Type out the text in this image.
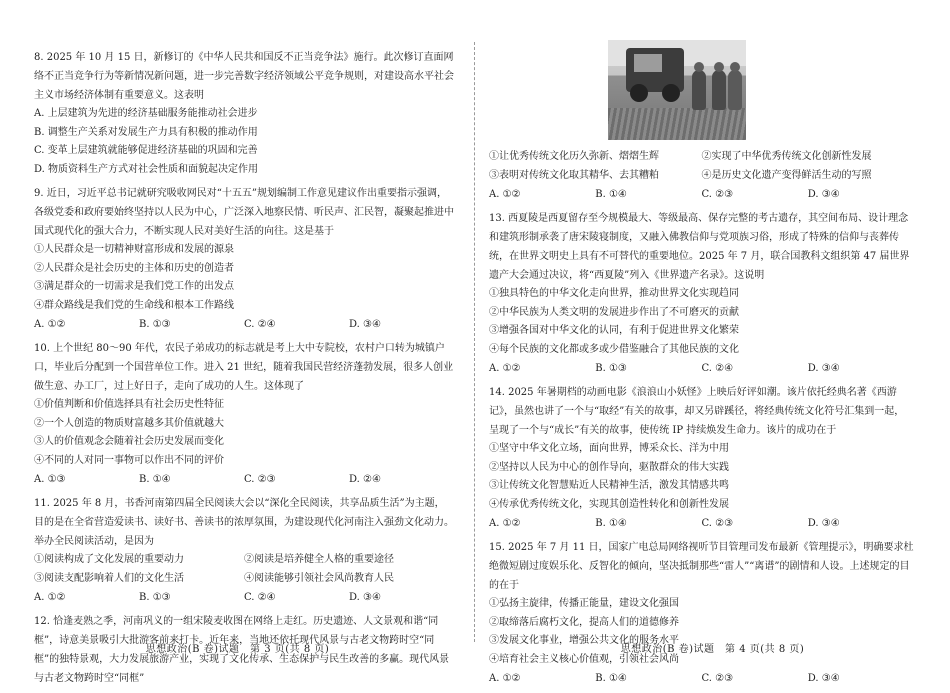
8. 2025 年 10 月 15 日，新修订的《中华人民共和国反不正当竞争法》施行。此次修订直面网络不正当竞争行为等新情况新问题，进一步完善数字经济领域公平竞争规则，对建设高水平社会主义市场经济体制有重要意义。这表明

A. 上层建筑为先进的经济基础服务能推动社会进步

B. 调整生产关系对发展生产力具有积极的推动作用

C. 变革上层建筑就能够促进经济基础的巩固和完善

D. 物质资料生产方式对社会性质和面貌起决定作用

9. 近日，习近平总书记就研究吸收网民对“十五五”规划编制工作意见建议作出重要指示强调，各级党委和政府要始终坚持以人民为中心，广泛深入地察民情、听民声、汇民智，凝聚起推进中国式现代化的强大合力，不断实现人民对美好生活的向往。这是基于

①人民群众是一切精神财富形成和发展的源泉

②人民群众是社会历史的主体和历史的创造者

③满足群众的一切需求是我们党工作的出发点

④群众路线是我们党的生命线和根本工作路线

A. ①②	B. ①③	C. ②④	D. ③④

10. 上个世纪 80～90 年代，农民子弟成功的标志就是考上大中专院校，农村户口转为城镇户口，毕业后分配到一个国营单位工作。进入 21 世纪，随着我国民营经济蓬勃发展，很多人创业做生意、办工厂，过上好日子，走向了成功的人生。这体现了

①价值判断和价值选择具有社会历史性特征

②一个人创造的物质财富越多其价值就越大

③人的价值观念会随着社会历史发展而变化

④不同的人对同一事物可以作出不同的评价

A. ①③	B. ①④	C. ②③	D. ②④

11. 2025 年 8 月，书香河南第四届全民阅读大会以“深化全民阅读，共享品质生活”为主题，目的是在全省营造爱读书、读好书、善读书的浓厚氛围，为建设现代化河南注入强劲文化动力。举办全民阅读活动，是因为

①阅读构成了文化发展的重要动力	②阅读是培养健全人格的重要途径
③阅读支配影响着人们的文化生活	④阅读能够引领社会风尚教育人民
A. ①②	B. ①③	C. ②④	D. ③④

12. 恰逢麦熟之季，河南巩义的一组宋陵麦收图在网络上走红。历史遗迹、人文景观和谐“同框”，诗意美景吸引大批游客前来打卡。近年来，当地还依托现代风景与古老文物跨时空“同框”的独特景观，大力发展旅游产业，实现了文化传承、生态保护与民生改善的多赢。现代风景与古老文物跨时空“同框”

思想政治(B 卷)试题　第 3 页(共 8 页)
①让优秀传统文化历久弥新、熠熠生辉	②实现了中华优秀传统文化创新性发展
③表明对传统文化取其精华、去其糟粕	④是历史文化遗产变得鲜活生动的写照
A. ①②	B. ①④	C. ②③	D. ③④

13. 西夏陵是西夏留存至今规模最大、等级最高、保存完整的考古遗存，其空间布局、设计理念和建筑形制承袭了唐宋陵寝制度，又融入佛教信仰与党项族习俗，形成了特殊的信仰与丧葬传统，在世界文明史上具有不可替代的重要地位。2025 年 7 月，联合国教科文组织第 47 届世界遗产大会通过决议，将“西夏陵”列入《世界遗产名录》。这说明

①独具特色的中华文化走向世界，推动世界文化实现趋同

②中华民族为人类文明的发展进步作出了不可磨灭的贡献

③增强各国对中华文化的认同，有利于促进世界文化繁荣

④每个民族的文化都或多或少借鉴融合了其他民族的文化

A. ①②	B. ①③	C. ②④	D. ③④

14. 2025 年暑期档的动画电影《浪浪山小妖怪》上映后好评如潮。该片依托经典名著《西游记》，虽然也讲了一个与“取经”有关的故事，却又另辟蹊径，将经典传统文化符号汇集到一起，呈现了一个与“成长”有关的故事，使传统 IP 持续焕发生命力。该片的成功在于

①坚守中华文化立场，面向世界，博采众长、洋为中用

②坚持以人民为中心的创作导向，驱散群众的伟大实践

③让传统文化智慧贴近人民精神生活，激发其情感共鸣

④传承优秀传统文化，实现其创造性转化和创新性发展

A. ①②	B. ①④	C. ②③	D. ③④

15. 2025 年 7 月 11 日，国家广电总局网络视听节目管理司发布最新《管理提示》，明确要求杜绝微短剧过度娱乐化、反智化的倾向，坚决抵制那些“雷人”“离谱”的剧情和人设。上述规定的目的在于

①弘扬主旋律，传播正能量，建设文化强国

②取缔落后腐朽文化，提高人们的道德修养

③发展文化事业，增强公共文化的服务水平

④培育社会主义核心价值观，引领社会风尚

A. ①②	B. ①④	C. ②③	D. ③④
思想政治(B 卷)试题　第 4 页(共 8 页)
